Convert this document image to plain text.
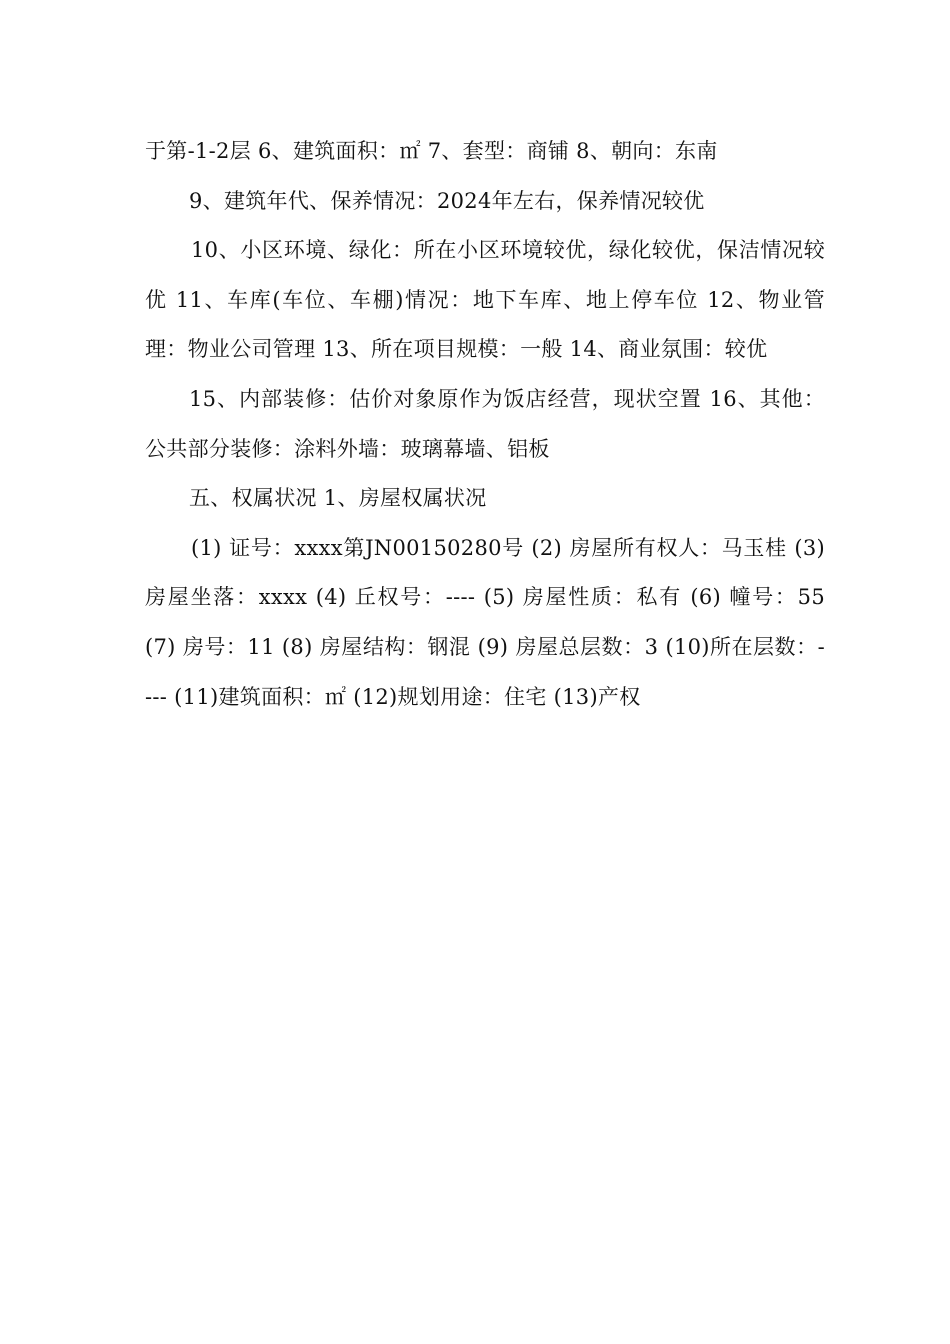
于第-1-2层 6、建筑面积：㎡ 7、套型：商铺 8、朝向：东南

9、建筑年代、保养情况：2024年左右，保养情况较优

10、小区环境、绿化：所在小区环境较优，绿化较优，保洁情况较优 11、车库(车位、车棚)情况：地下车库、地上停车位 12、物业管理：物业公司管理 13、所在项目规模：一般 14、商业氛围：较优

15、内部装修：估价对象原作为饭店经营，现状空置 16、其他：公共部分装修：涂料外墙：玻璃幕墙、铝板

五、权属状况 1、房屋权属状况

(1) 证号：xxxx第JN00150280号 (2) 房屋所有权人：马玉桂 (3) 房屋坐落：xxxx (4) 丘权号：---- (5) 房屋性质：私有 (6) 幢号：55 (7) 房号：11 (8) 房屋结构：钢混 (9) 房屋总层数：3 (10)所在层数：---- (11)建筑面积：㎡ (12)规划用途：住宅 (13)产权
